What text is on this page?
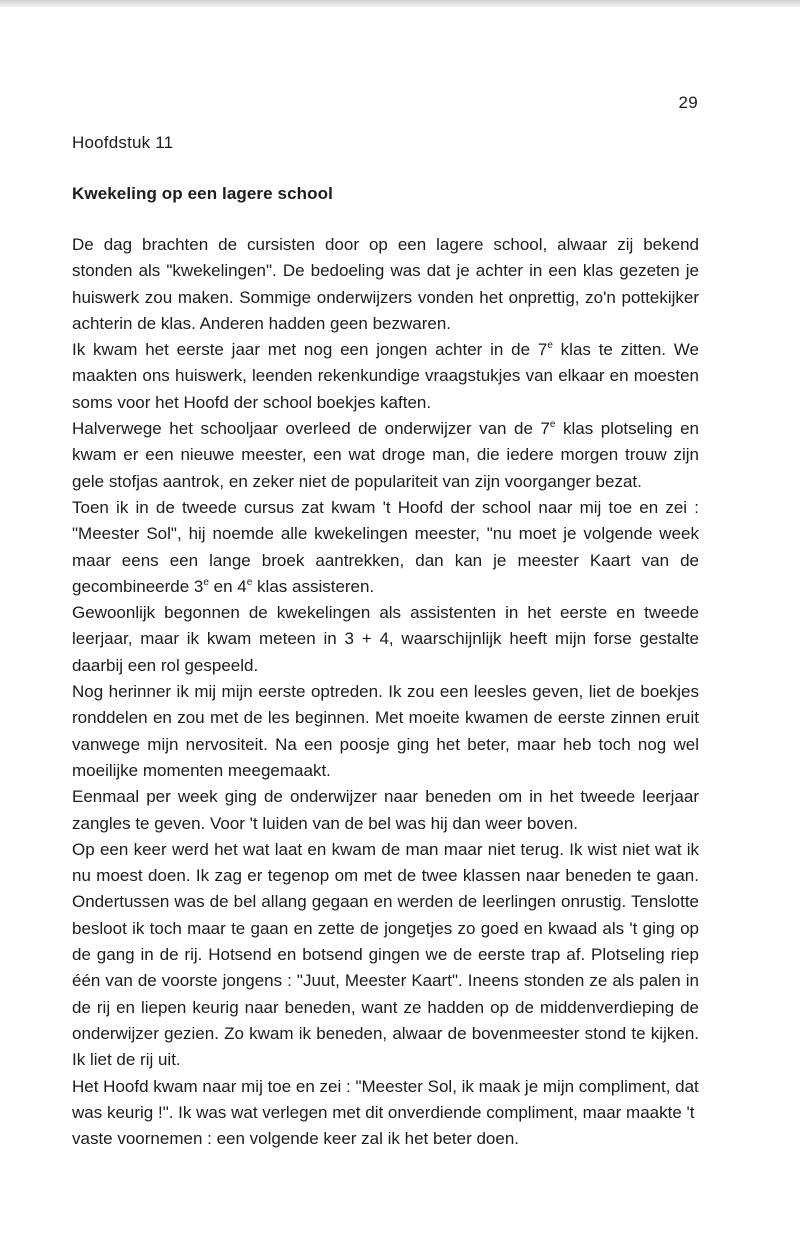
29
Hoofdstuk 11
Kwekeling op een lagere school

De dag brachten de cursisten door op een lagere school, alwaar zij bekend stonden als "kwekelingen". De bedoeling was dat je achter in een klas gezeten je huiswerk zou maken. Sommige onderwijzers vonden het onprettig, zo'n pottekijker achterin de klas. Anderen hadden geen bezwaren.

Ik kwam het eerste jaar met nog een jongen achter in de 7e klas te zitten. We maakten ons huiswerk, leenden rekenkundige vraagstukjes van elkaar en moesten soms voor het Hoofd der school boekjes kaften.

Halverwege het schooljaar overleed de onderwijzer van de 7e klas plotseling en kwam er een nieuwe meester, een wat droge man, die iedere morgen trouw zijn gele stofjas aantrok, en zeker niet de populariteit van zijn voorganger bezat.

Toen ik in de tweede cursus zat kwam 't Hoofd der school naar mij toe en zei : "Meester Sol", hij noemde alle kwekelingen meester, "nu moet je volgende week maar eens een lange broek aantrekken, dan kan je meester Kaart van de gecombineerde 3e en 4e klas assisteren.

Gewoonlijk begonnen de kwekelingen als assistenten in het eerste en tweede leerjaar, maar ik kwam meteen in 3 + 4, waarschijnlijk heeft mijn forse gestalte daarbij een rol gespeeld.

Nog herinner ik mij mijn eerste optreden. Ik zou een leesles geven, liet de boekjes ronddelen en zou met de les beginnen. Met moeite kwamen de eerste zinnen eruit vanwege mijn nervositeit. Na een poosje ging het beter, maar heb toch nog wel moeilijke momenten meegemaakt.

Eenmaal per week ging de onderwijzer naar beneden om in het tweede leerjaar zangles te geven. Voor 't luiden van de bel was hij dan weer boven.

Op een keer werd het wat laat en kwam de man maar niet terug. Ik wist niet wat ik nu moest doen. Ik zag er tegenop om met de twee klassen naar beneden te gaan. Ondertussen was de bel allang gegaan en werden de leerlingen onrustig. Tenslotte besloot ik toch maar te gaan en zette de jongetjes zo goed en kwaad als 't ging op de gang in de rij. Hotsend en botsend gingen we de eerste trap af. Plotseling riep één van de voorste jongens : "Juut, Meester Kaart". Ineens stonden ze als palen in de rij en liepen keurig naar beneden, want ze hadden op de middenverdieping de onderwijzer gezien. Zo kwam ik beneden, alwaar de bovenmeester stond te kijken. Ik liet de rij uit.

Het Hoofd kwam naar mij toe en zei : "Meester Sol, ik maak je mijn compliment, dat was keurig !". Ik was wat verlegen met dit onverdiende compliment, maar maakte 't vaste voornemen : een volgende keer zal ik het beter doen.
